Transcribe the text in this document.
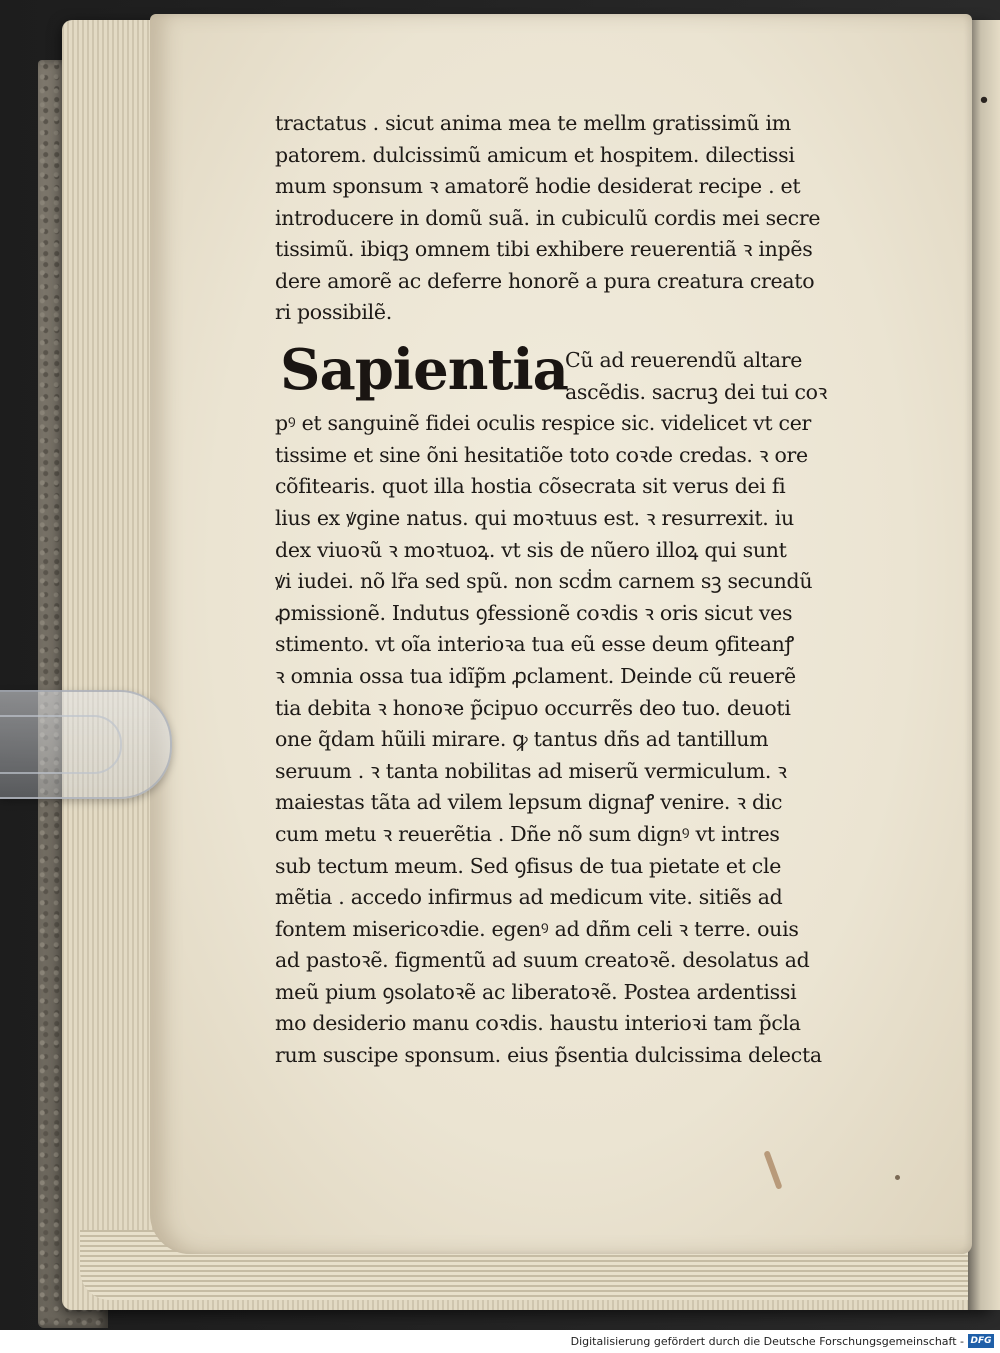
•
tractatus . sicut anima mea te mellm gratissimũ im
patorem. dulcissimũ amicum et hospitem. dilectissi
mum sponsum ꝛ amatorẽ hodie desiderat recipe . et
introducere in domũ suã. in cubiculũ cordis mei secre
tissimũ. ibiqꝫ omnem tibi exhibere reuerentiã ꝛ inpẽs
dere amorẽ ac deferre honorẽ a pura creatura creato
ri possibilẽ.
Sapientia
Cũ ad reuerendũ altare
ascẽdis. sacruꝫ dei tui coꝛ
pꝰ et sanguinẽ fidei oculis respice sic. videlicet vt cer
tissime et sine õni hesitatiõe toto coꝛde credas. ꝛ ore
cõfitearis. quot illa hostia cõsecrata sit verus dei fi
lius ex ꝟgine natus. qui moꝛtuus est. ꝛ resurrexit. iu
dex viuoꝛũ ꝛ moꝛtuoꝝ. vt sis de nũero illoꝝ qui sunt
ꝟi iudei. nõ lr̃a sed spũ. non scḋm carnem sꝫ secundũ
ꝓmissionẽ. Indutus ꝯfessionẽ coꝛdis ꝛ oris sicut ves
stimento. vt oĩa interioꝛa tua eũ esse deum ꝯfiteanꝭ
ꝛ omnia ossa tua idĩp̃m ꝓclament. Deinde cũ reuerẽ
tia debita ꝛ honoꝛe p̃cipuo occurrẽs deo tuo. deuoti
one q̃dam hũili mirare. ꝙ tantus dñs ad tantillum
seruum . ꝛ tanta nobilitas ad miserũ vermiculum. ꝛ
maiestas tãta ad vilem lepsum dignaꝭ venire. ꝛ dic
cum metu ꝛ reuerẽtia . Dñe nõ sum dignꝰ vt intres
sub tectum meum. Sed ꝯfisus de tua pietate et cle
mẽtia . accedo infirmus ad medicum vite. sitiẽs ad
fontem misericoꝛdie. egenꝰ ad dñm celi ꝛ terre. ouis
ad pastoꝛẽ. figmentũ ad suum creatoꝛẽ. desolatus ad
meũ pium ꝯsolatoꝛẽ ac liberatoꝛẽ. Postea ardentissi
mo desiderio manu coꝛdis. haustu interioꝛi tam p̃cla
rum suscipe sponsum. eius p̃sentia dulcissima delecta
Digitalisierung gefördert durch die Deutsche Forschungsgemeinschaft - DFG
